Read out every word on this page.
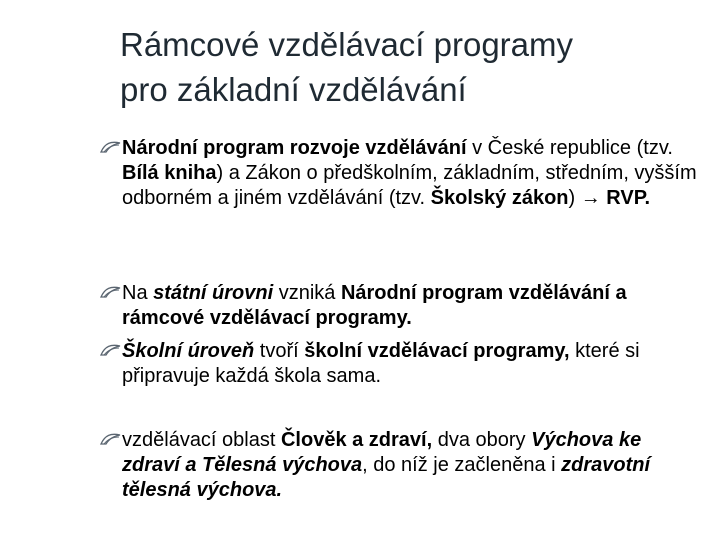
Rámcové vzdělávací programy
pro základní vzdělávání
Národní program rozvoje vzdělávání v České republice (tzv. Bílá kniha) a Zákon o předškolním, základním, středním, vyšším odborném a jiném vzdělávání (tzv. Školský zákon) → RVP.
Na státní úrovni vzniká Národní program vzdělávání a rámcové vzdělávací programy.
Školní úroveň tvoří školní vzdělávací programy, které si připravuje každá škola sama.
vzdělávací oblast Člověk a zdraví, dva obory Výchova ke zdraví a Tělesná výchova, do níž je začleněna i zdravotní tělesná výchova.
